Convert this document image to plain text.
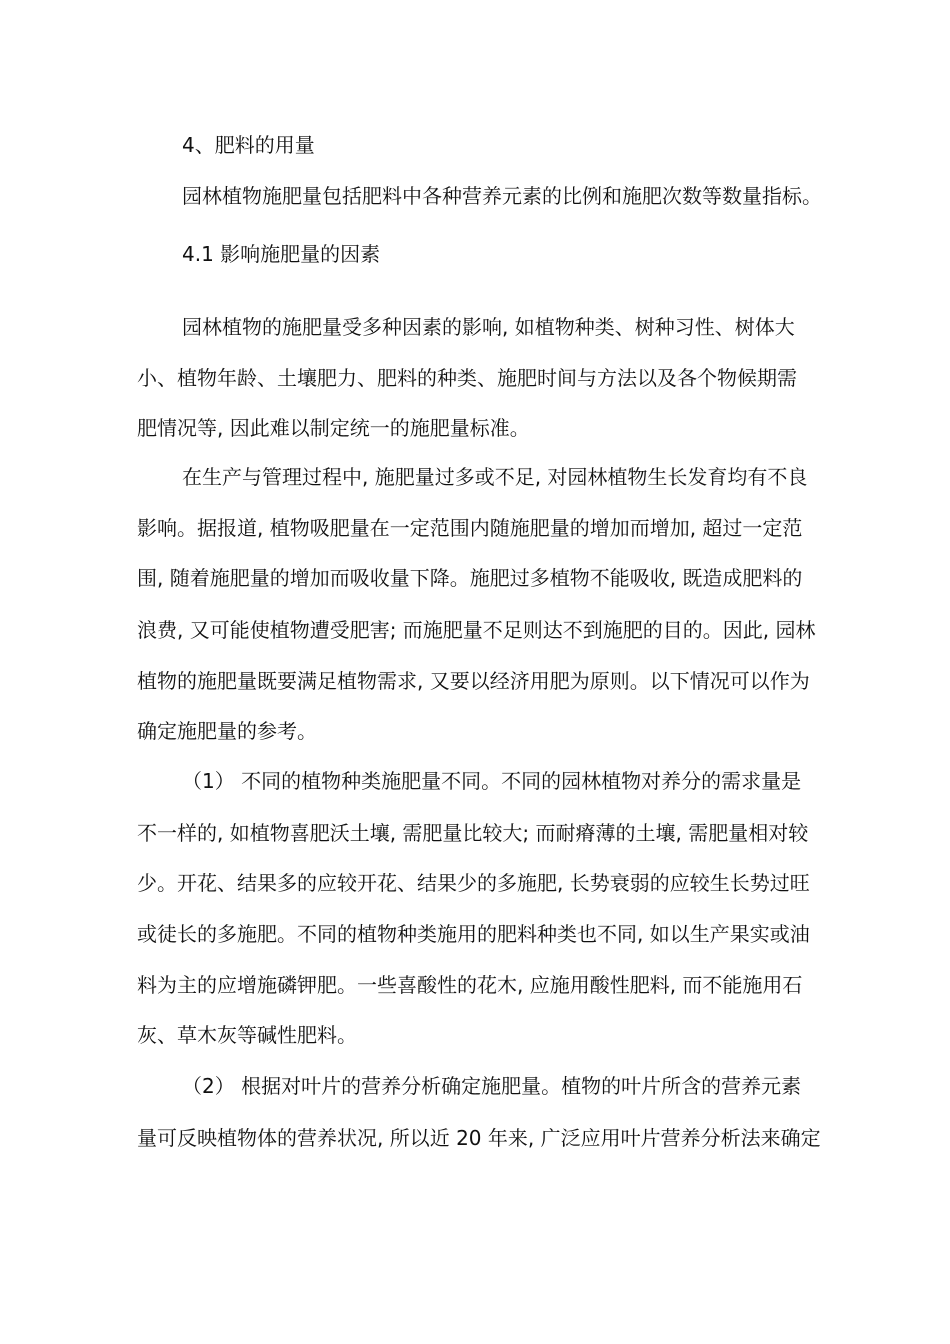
4、肥料的用量
园林植物施肥量包括肥料中各种营养元素的比例和施肥次数等数量指标。
4.1 影响施肥量的因素
园林植物的施肥量受多种因素的影响, 如植物种类、树种习性、树体大
小、植物年龄、土壤肥力、肥料的种类、施肥时间与方法以及各个物候期需
肥情况等, 因此难以制定统一的施肥量标准。
在生产与管理过程中, 施肥量过多或不足, 对园林植物生长发育均有不良
影响。据报道, 植物吸肥量在一定范围内随施肥量的增加而增加, 超过一定范
围, 随着施肥量的增加而吸收量下降。施肥过多植物不能吸收, 既造成肥料的
浪费, 又可能使植物遭受肥害; 而施肥量不足则达不到施肥的目的。因此, 园林
植物的施肥量既要满足植物需求, 又要以经济用肥为原则。以下情况可以作为
确定施肥量的参考。
（1） 不同的植物种类施肥量不同。不同的园林植物对养分的需求量是
不一样的, 如植物喜肥沃土壤, 需肥量比较大; 而耐瘠薄的土壤, 需肥量相对较
少。开花、结果多的应较开花、结果少的多施肥, 长势衰弱的应较生长势过旺
或徒长的多施肥。不同的植物种类施用的肥料种类也不同, 如以生产果实或油
料为主的应增施磷钾肥。一些喜酸性的花木, 应施用酸性肥料, 而不能施用石
灰、草木灰等碱性肥料。
（2） 根据对叶片的营养分析确定施肥量。植物的叶片所含的营养元素
量可反映植物体的营养状况, 所以近 20 年来, 广泛应用叶片营养分析法来确定
